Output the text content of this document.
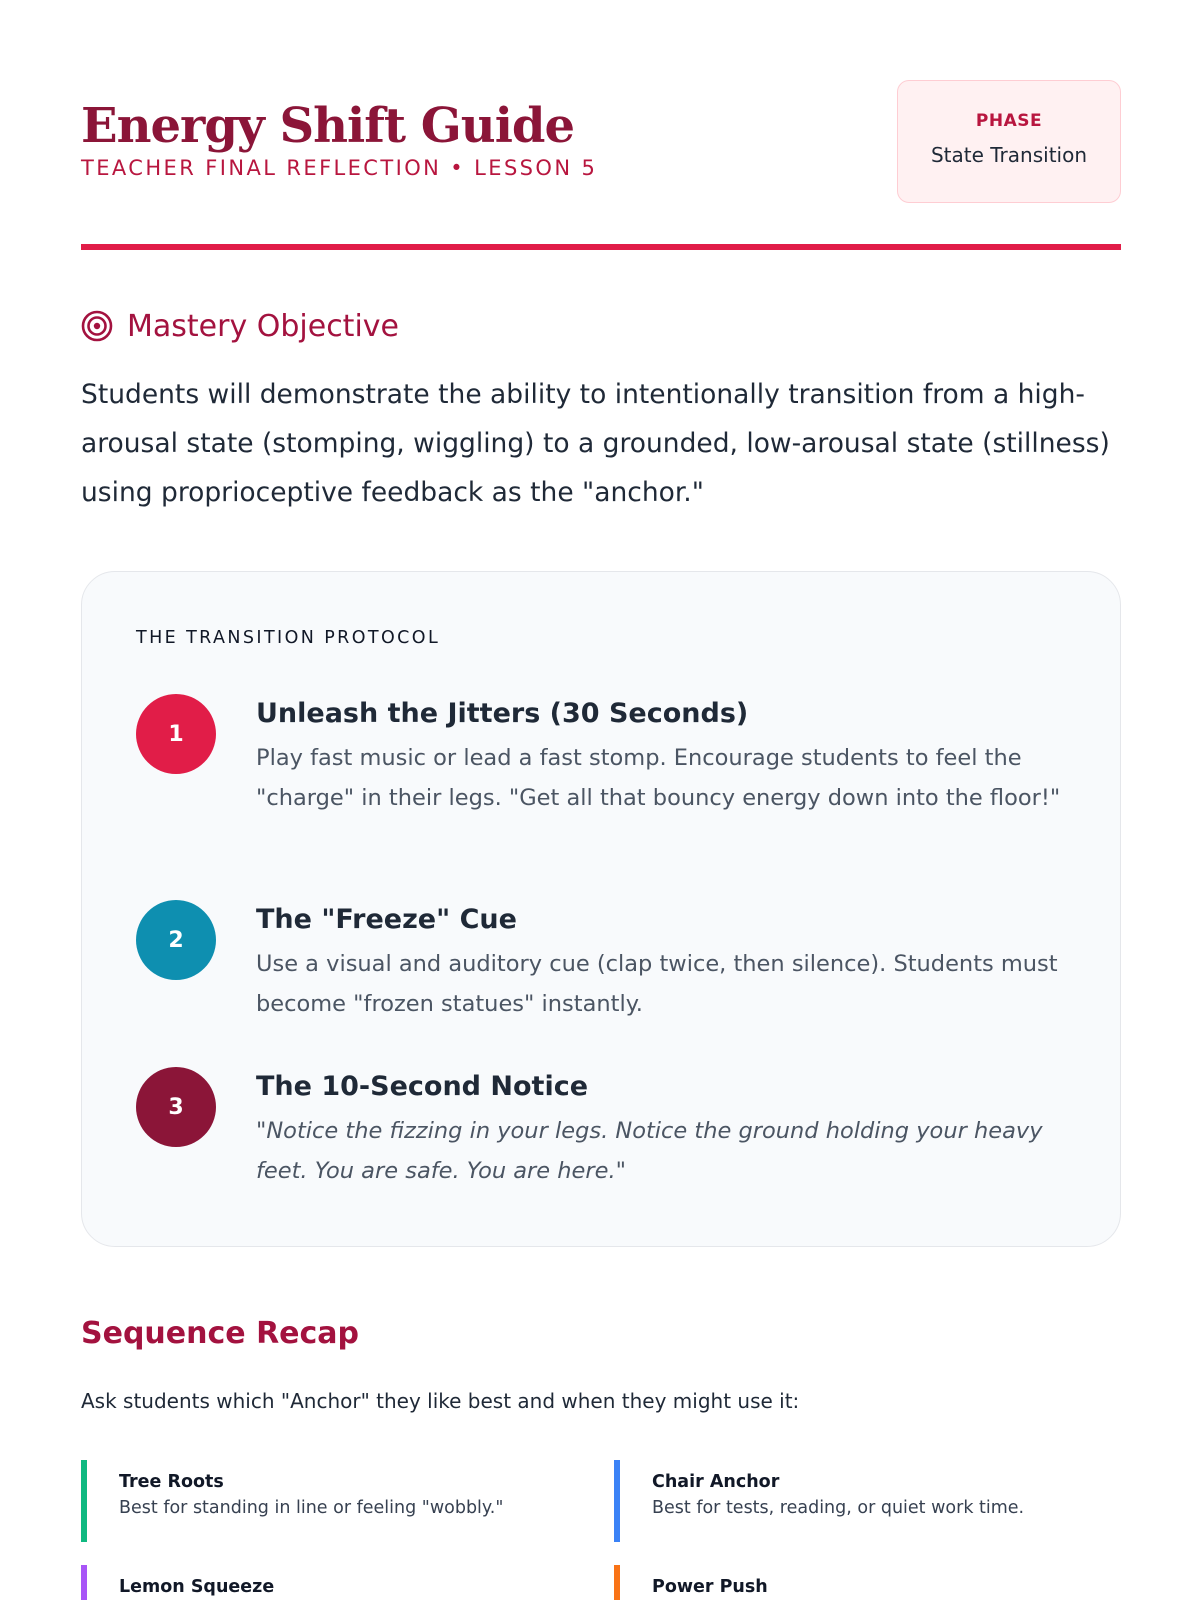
Energy Shift Guide
TEACHER FINAL REFLECTION • LESSON 5
PHASE
State Transition
Mastery Objective

Students will demonstrate the ability to intentionally transition from a high-arousal state (stomping, wiggling) to a grounded, low-arousal state (stillness) using proprioceptive feedback as the "anchor."

THE TRANSITION PROTOCOL
1
Unleash the Jitters (30 Seconds)
Play fast music or lead a fast stomp. Encourage students to feel the "charge" in their legs. "Get all that bouncy energy down into the floor!"
2
The "Freeze" Cue
Use a visual and auditory cue (clap twice, then silence). Students must become "frozen statues" instantly.
3
The 10-Second Notice
"Notice the fizzing in your legs. Notice the ground holding your heavy feet. You are safe. You are here."
Sequence Recap

Ask students which "Anchor" they like best and when they might use it:

Tree Roots
Best for standing in line or feeling "wobbly."
Chair Anchor
Best for tests, reading, or quiet work time.
Lemon Squeeze	Power Push
